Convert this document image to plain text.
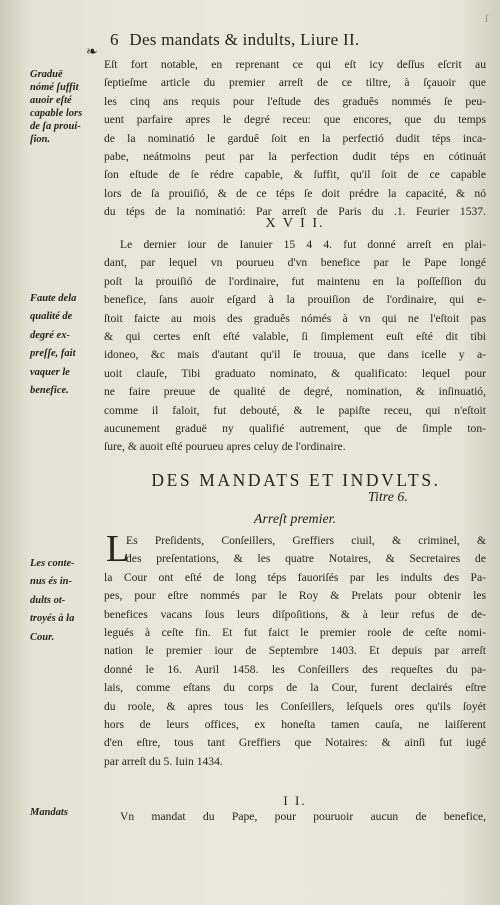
ſ
6 Des mandats & indults, Liure II.
❧
Eſt fort notable, en reprenant ce qui eſt icy deſſus eſcrit au
ſeptieſme article du premier arreſt de ce tiltre, à ſçauoir que
les cinq ans requis pour l'eſtude des graduês nommés ſe peu-
uent parfaire apres le degré receu: que encores, que du temps
de la nominatió le garduê ſoit en la perfectió dudit téps inca-
pabe, neátmoins peut par la perfection dudit téps en cótinuát
ſon eſtude de ſe rédre capable, & ſuffit, qu'il ſoit de ce capable
lors de ſa prouiſió, & de ce téps ſe doit prédre la capacité, & nó
du téps de la nominatió: Par arreſt de Paris du .1. Feurier 1537.
Graduë
nómé ſuffit
auoir eſté
capable lors
de ſa proui-
ſion.
X V I I.
Le dernier iour de Ianuier 15 4 4. fut donné arreſt en plai-
dant, par lequel vn pourueu d'vn benefice par le Pape longé
poſt la prouiſió de l'ordinaire, fut maintenu en la poſſeſſion du
benefice, ſans auoir eſgard à la prouiſion de l'ordinaire, qui e-
ſtoit faicte au mois des graduês nómés à vn qui ne l'eſtoit pas
& qui certes enſt eſté valable, ſi ſimplement euſt eſté dit tibi
idoneo, &c mais d'autant qu'il ſe trouua, que dans icelle y a-
uoit clauſe, Tibi graduato nominato, & qualificato: lequel pour
ne faire preuue de qualité de degré, nomination, & inſinuatió,
comme il faloit, fut debouté, & le papiſte receu, qui n'eſtoit
aucunement graduë ny qualifié autrement, que de ſimple ton-
ſure, & auoit eſté pourueu apres celuy de l'ordinaire.
Faute dela
qualité de
degré ex-
preſſe, fait
vaquer le
benefice.
DES MANDATS ET INDVLTS.
Titre 6.
Arreſt premier.
L
Es Preſidents, Conſeillers, Greffiers ciuil, & criminel, &
des preſentations, & les quatre Notaires, & Secretaires de
la Cour ont eſté de long téps fauoriſés par les indults des Pa-
pes, pour eſtre nommés par le Roy & Prelats pour obtenir les
benefices vacans ſous leurs diſpoſitions, & à leur refus de de-
legués à ceſte fin. Et fut faict le premier roole de ceſte nomi-
nation le premier iour de Septembre 1403. Et depuis par arreſt
donné le 16. Auril 1458. les Conſeillers des requeſtes du pa-
lais, comme eſtans du corps de la Cour, furent declairés eſtre
du roole, & apres tous les Conſeillers, leſquels ores qu'ils ſoyét
hors de leurs offices, ex honeſta tamen cauſa, ne laiſſerent
d'en eſtre, tous tant Greffiers que Notaires: & ainſi fut iugé
par arreſt du 5. Iuin 1434.
Les conte-
nus és in-
dults ot-
troyés à la
Cour.
I I.
Vn mandat du Pape, pour pouruoir aucun de benefice,
Mandats
